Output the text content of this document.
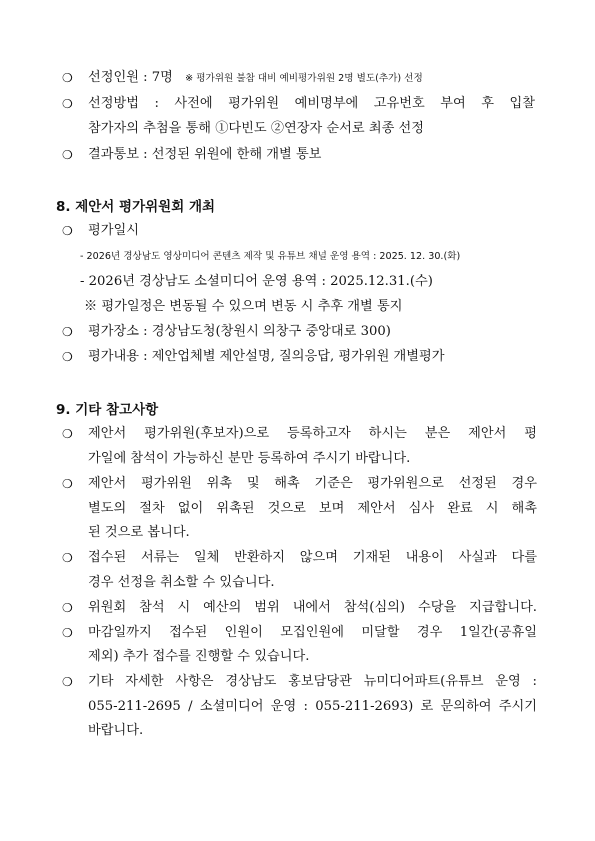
❍ 선정인원 : 7명 ※ 평가위원 불참 대비 예비평가위원 2명 별도(추가) 선정
❍ 선정방법 : 사전에 평가위원 예비명부에 고유번호 부여 후 입찰
참가자의 추첨을 통해 ①다빈도 ②연장자 순서로 최종 선정
❍ 결과통보 : 선정된 위원에 한해 개별 통보
8. 제안서 평가위원회 개최
❍ 평가일시
- 2026년 경상남도 영상미디어 콘텐츠 제작 및 유튜브 채널 운영 용역 : 2025. 12. 30.(화)
- 2026년 경상남도 소셜미디어 운영 용역 : 2025.12.31.(수)
※ 평가일정은 변동될 수 있으며 변동 시 추후 개별 통지
❍ 평가장소 : 경상남도청(창원시 의창구 중앙대로 300)
❍ 평가내용 : 제안업체별 제안설명, 질의응답, 평가위원 개별평가
9. 기타 참고사항
❍ 제안서 평가위원(후보자)으로 등록하고자 하시는 분은 제안서 평
가일에 참석이 가능하신 분만 등록하여 주시기 바랍니다.
❍ 제안서 평가위원 위촉 및 해촉 기준은 평가위원으로 선정된 경우
별도의 절차 없이 위촉된 것으로 보며 제안서 심사 완료 시 해촉
된 것으로 봅니다.
❍ 접수된 서류는 일체 반환하지 않으며 기재된 내용이 사실과 다를
경우 선정을 취소할 수 있습니다.
❍ 위원회 참석 시 예산의 범위 내에서 참석(심의) 수당을 지급합니다.
❍ 마감일까지 접수된 인원이 모집인원에 미달할 경우 1일간(공휴일
제외) 추가 접수를 진행할 수 있습니다.
❍ 기타 자세한 사항은 경상남도 홍보담당관 뉴미디어파트(유튜브 운영 :
055-211-2695 / 소셜미디어 운영 : 055-211-2693) 로 문의하여 주시기
바랍니다.
